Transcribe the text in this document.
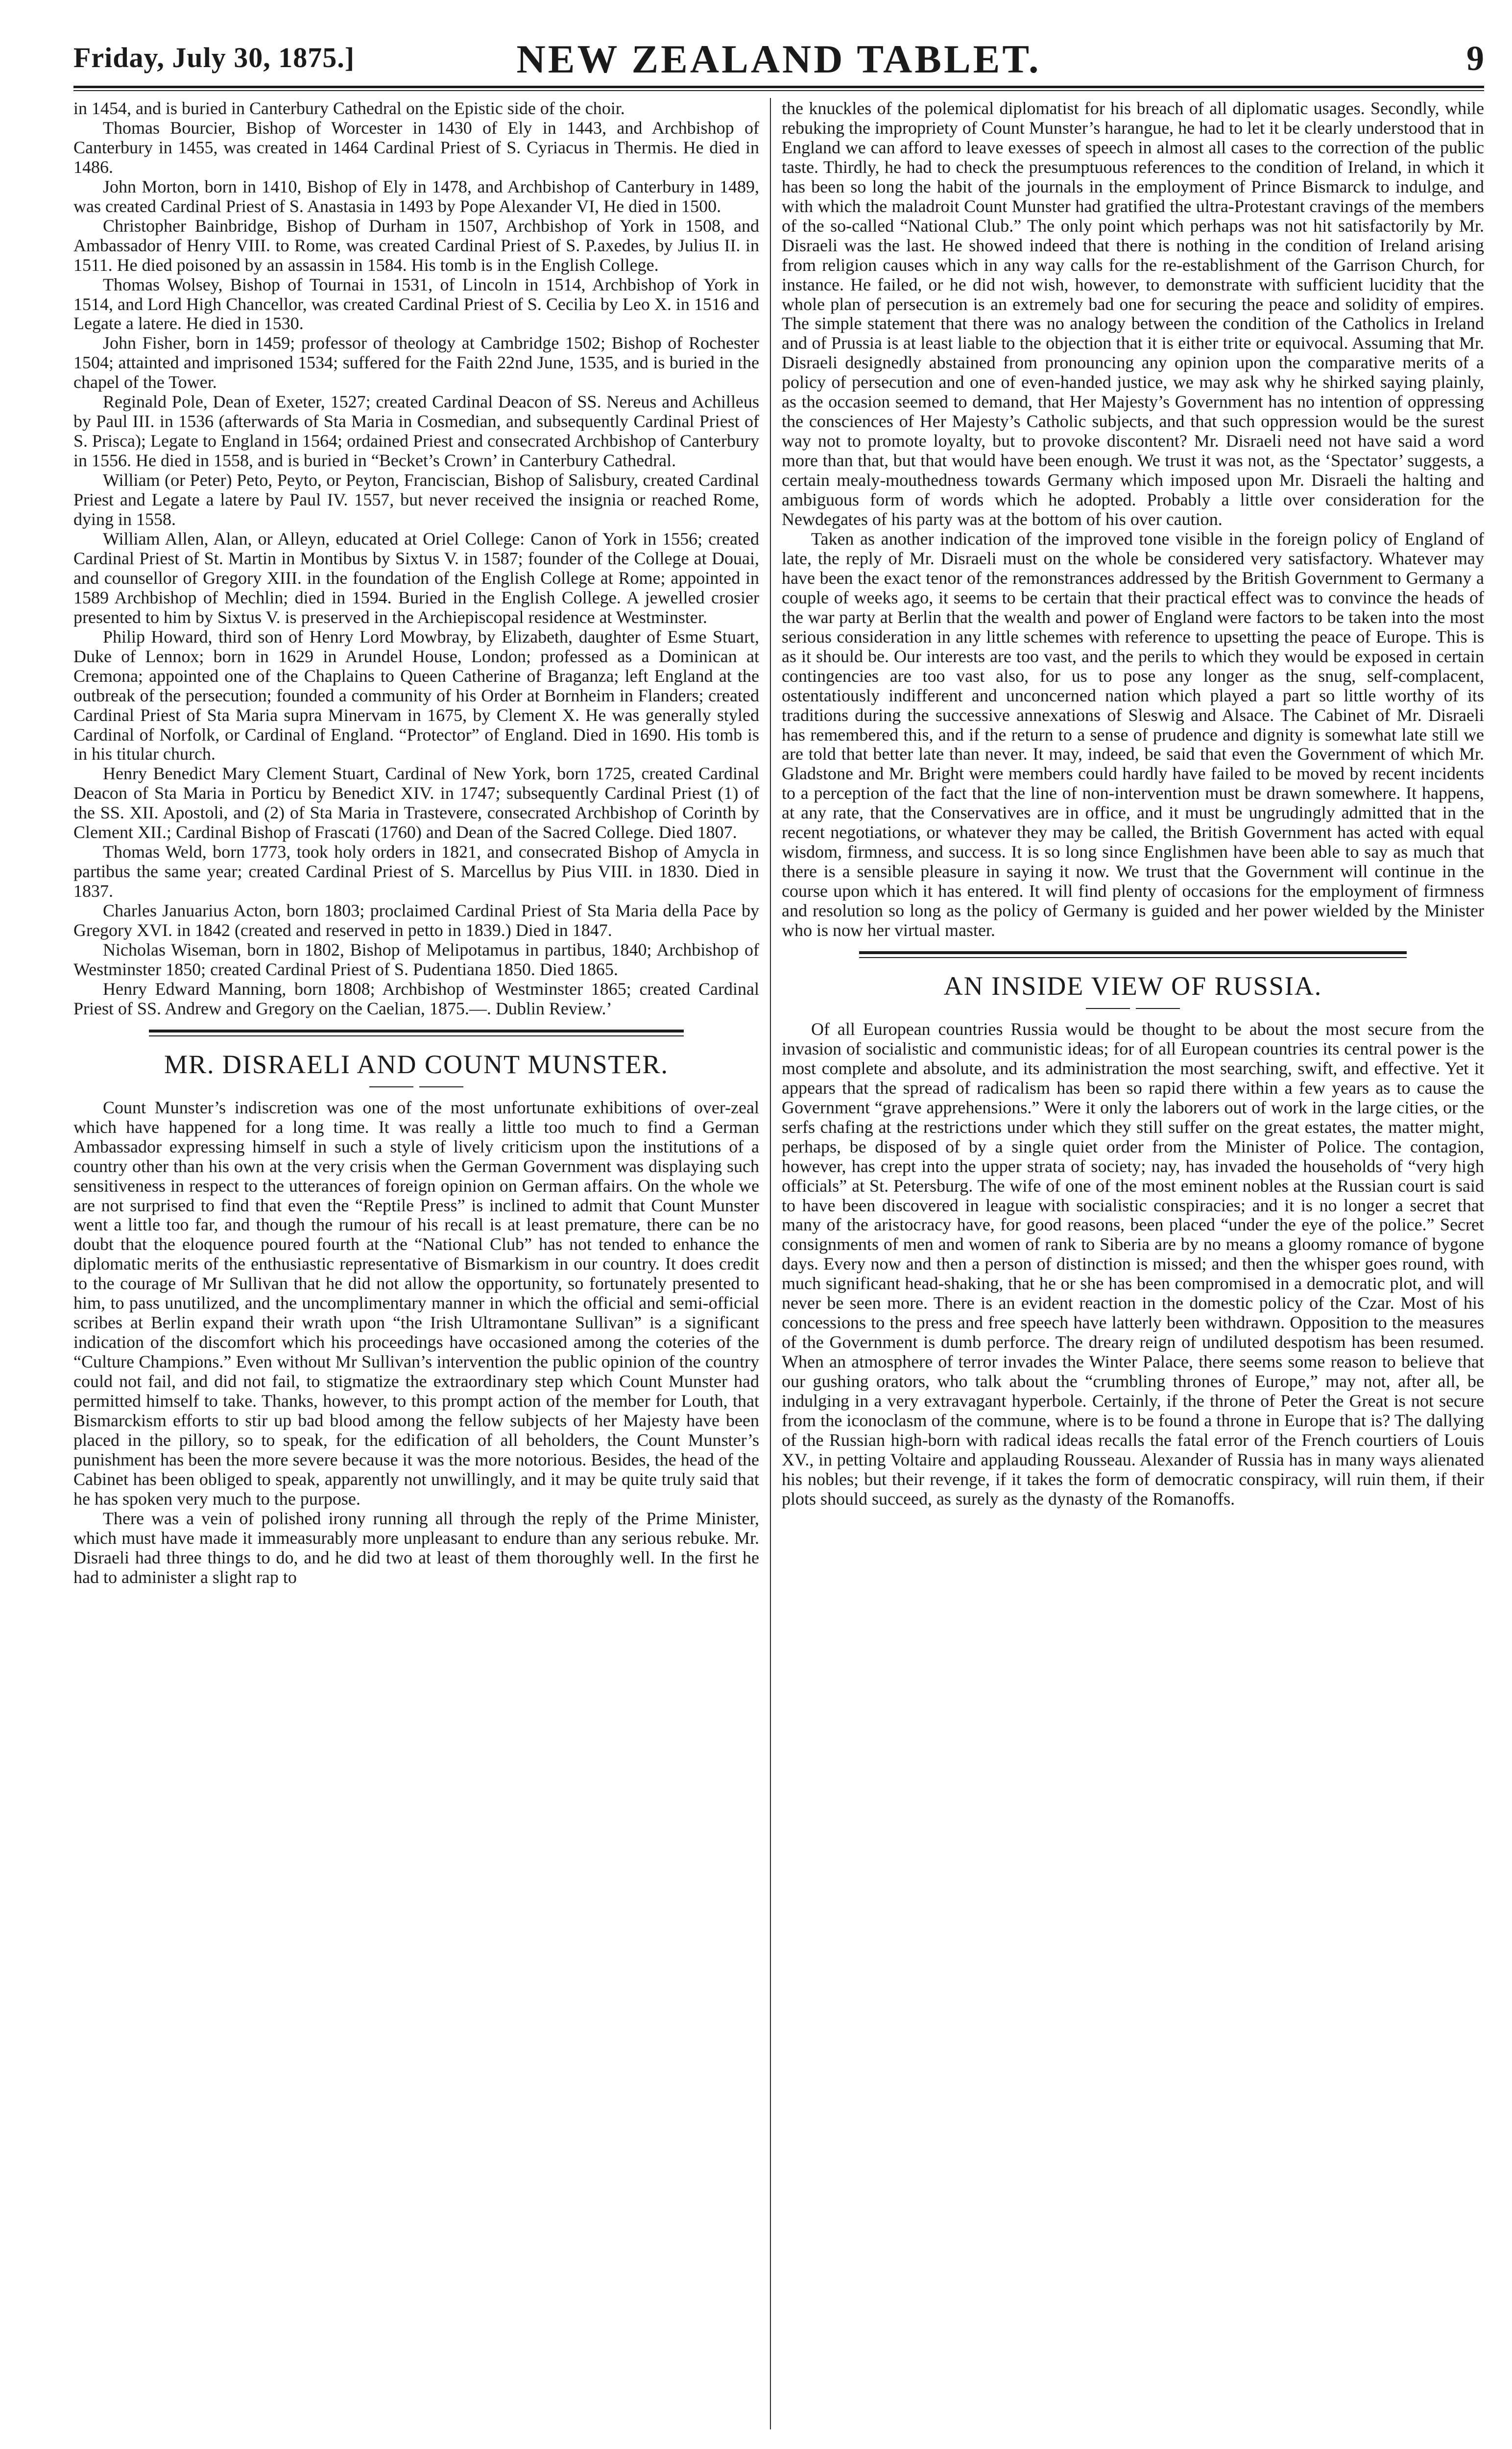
Friday, July 30, 1875.]	NEW ZEALAND TABLET.	9

in 1454, and is buried in Canterbury Cathedral on the Epistic side of the choir.

Thomas Bourcier, Bishop of Worcester in 1430 of Ely in 1443, and Archbishop of Canterbury in 1455, was created in 1464 Cardinal Priest of S. Cyriacus in Thermis. He died in 1486.

John Morton, born in 1410, Bishop of Ely in 1478, and Archbishop of Canterbury in 1489, was created Cardinal Priest of S. Anastasia in 1493 by Pope Alexander VI, He died in 1500.

Christopher Bainbridge, Bishop of Durham in 1507, Archbishop of York in 1508, and Ambassador of Henry VIII. to Rome, was created Cardinal Priest of S. P.axedes, by Julius II. in 1511. He died poisoned by an assassin in 1584. His tomb is in the English College.

Thomas Wolsey, Bishop of Tournai in 1531, of Lincoln in 1514, Archbishop of York in 1514, and Lord High Chancellor, was created Cardinal Priest of S. Cecilia by Leo X. in 1516 and Legate a latere. He died in 1530.

John Fisher, born in 1459; professor of theology at Cambridge 1502; Bishop of Rochester 1504; attainted and imprisoned 1534; suffered for the Faith 22nd June, 1535, and is buried in the chapel of the Tower.

Reginald Pole, Dean of Exeter, 1527; created Cardinal Deacon of SS. Nereus and Achilleus by Paul III. in 1536 (afterwards of Sta Maria in Cosmedian, and subsequently Cardinal Priest of S. Prisca); Legate to England in 1564; ordained Priest and consecrated Archbishop of Canterbury in 1556. He died in 1558, and is buried in “Becket’s Crown’ in Canterbury Cathedral.

William (or Peter) Peto, Peyto, or Peyton, Franciscian, Bishop of Salisbury, created Cardinal Priest and Legate a latere by Paul IV. 1557, but never received the insignia or reached Rome, dying in 1558.

William Allen, Alan, or Alleyn, educated at Oriel College: Canon of York in 1556; created Cardinal Priest of St. Martin in Montibus by Sixtus V. in 1587; founder of the College at Douai, and counsellor of Gregory XIII. in the foundation of the English College at Rome; appointed in 1589 Archbishop of Mechlin; died in 1594. Buried in the English College. A jewelled crosier presented to him by Sixtus V. is preserved in the Archiepiscopal residence at Westminster.

Philip Howard, third son of Henry Lord Mowbray, by Elizabeth, daughter of Esme Stuart, Duke of Lennox; born in 1629 in Arundel House, London; professed as a Dominican at Cremona; appointed one of the Chaplains to Queen Catherine of Braganza; left England at the outbreak of the persecution; founded a community of his Order at Bornheim in Flanders; created Cardinal Priest of Sta Maria supra Minervam in 1675, by Clement X. He was generally styled Cardinal of Norfolk, or Cardinal of England. “Protector” of England. Died in 1690. His tomb is in his titular church.

Henry Benedict Mary Clement Stuart, Cardinal of New York, born 1725, created Cardinal Deacon of Sta Maria in Porticu by Benedict XIV. in 1747; subsequently Cardinal Priest (1) of the SS. XII. Apostoli, and (2) of Sta Maria in Trastevere, consecrated Archbishop of Corinth by Clement XII.; Cardinal Bishop of Frascati (1760) and Dean of the Sacred College. Died 1807.

Thomas Weld, born 1773, took holy orders in 1821, and consecrated Bishop of Amycla in partibus the same year; created Cardinal Priest of S. Marcellus by Pius VIII. in 1830. Died in 1837.

Charles Januarius Acton, born 1803; proclaimed Cardinal Priest of Sta Maria della Pace by Gregory XVI. in 1842 (created and reserved in petto in 1839.) Died in 1847.

Nicholas Wiseman, born in 1802, Bishop of Melipotamus in partibus, 1840; Archbishop of Westminster 1850; created Cardinal Priest of S. Pudentiana 1850. Died 1865.

Henry Edward Manning, born 1808; Archbishop of Westminster 1865; created Cardinal Priest of SS. Andrew and Gregory on the Caelian, 1875.—. Dublin Review.’

MR. DISRAELI AND COUNT MUNSTER.

Count Munster’s indiscretion was one of the most unfortunate exhibitions of over-zeal which have happened for a long time. It was really a little too much to find a German Ambassador expressing himself in such a style of lively criticism upon the institutions of a country other than his own at the very crisis when the German Government was displaying such sensitiveness in respect to the utterances of foreign opinion on German affairs. On the whole we are not surprised to find that even the “Reptile Press” is inclined to admit that Count Munster went a little too far, and though the rumour of his recall is at least premature, there can be no doubt that the eloquence poured fourth at the “National Club” has not tended to enhance the diplomatic merits of the enthusiastic representative of Bismarkism in our country. It does credit to the courage of Mr Sullivan that he did not allow the opportunity, so fortunately presented to him, to pass unutilized, and the uncomplimentary manner in which the official and semi-official scribes at Berlin expand their wrath upon “the Irish Ultramontane Sullivan” is a significant indication of the discomfort which his proceedings have occasioned among the coteries of the “Culture Champions.” Even without Mr Sullivan’s intervention the public opinion of the country could not fail, and did not fail, to stigmatize the extraordinary step which Count Munster had permitted himself to take. Thanks, however, to this prompt action of the member for Louth, that Bismarckism efforts to stir up bad blood among the fellow subjects of her Majesty have been placed in the pillory, so to speak, for the edification of all beholders, the Count Munster’s punishment has been the more severe because it was the more notorious. Besides, the head of the Cabinet has been obliged to speak, apparently not unwillingly, and it may be quite truly said that he has spoken very much to the purpose.

There was a vein of polished irony running all through the reply of the Prime Minister, which must have made it immeasurably more unpleasant to endure than any serious rebuke. Mr. Disraeli had three things to do, and he did two at least of them thoroughly well. In the first he had to administer a slight rap to

the knuckles of the polemical diplomatist for his breach of all diplomatic usages. Secondly, while rebuking the impropriety of Count Munster’s harangue, he had to let it be clearly understood that in England we can afford to leave exesses of speech in almost all cases to the correction of the public taste. Thirdly, he had to check the presumptuous references to the condition of Ireland, in which it has been so long the habit of the journals in the employment of Prince Bismarck to indulge, and with which the maladroit Count Munster had gratified the ultra-Protestant cravings of the members of the so-called “National Club.” The only point which perhaps was not hit satisfactorily by Mr. Disraeli was the last. He showed indeed that there is nothing in the condition of Ireland arising from religion causes which in any way calls for the re-establishment of the Garrison Church, for instance. He failed, or he did not wish, however, to demonstrate with sufficient lucidity that the whole plan of persecution is an extremely bad one for securing the peace and solidity of empires. The simple statement that there was no analogy between the condition of the Catholics in Ireland and of Prussia is at least liable to the objection that it is either trite or equivocal. Assuming that Mr. Disraeli designedly abstained from pronouncing any opinion upon the comparative merits of a policy of persecution and one of even-handed justice, we may ask why he shirked saying plainly, as the occasion seemed to demand, that Her Majesty’s Government has no intention of oppressing the consciences of Her Majesty’s Catholic subjects, and that such oppression would be the surest way not to promote loyalty, but to provoke discontent? Mr. Disraeli need not have said a word more than that, but that would have been enough. We trust it was not, as the ‘Spectator’ suggests, a certain mealy-mouthedness towards Germany which imposed upon Mr. Disraeli the halting and ambiguous form of words which he adopted. Probably a little over consideration for the Newdegates of his party was at the bottom of his over caution.

Taken as another indication of the improved tone visible in the foreign policy of England of late, the reply of Mr. Disraeli must on the whole be considered very satisfactory. Whatever may have been the exact tenor of the remonstrances addressed by the British Government to Germany a couple of weeks ago, it seems to be certain that their practical effect was to convince the heads of the war party at Berlin that the wealth and power of England were factors to be taken into the most serious consideration in any little schemes with reference to upsetting the peace of Europe. This is as it should be. Our interests are too vast, and the perils to which they would be exposed in certain contingencies are too vast also, for us to pose any longer as the snug, self-complacent, ostentatiously indifferent and unconcerned nation which played a part so little worthy of its traditions during the successive annexations of Sleswig and Alsace. The Cabinet of Mr. Disraeli has remembered this, and if the return to a sense of prudence and dignity is somewhat late still we are told that better late than never. It may, indeed, be said that even the Government of which Mr. Gladstone and Mr. Bright were members could hardly have failed to be moved by recent incidents to a perception of the fact that the line of non-intervention must be drawn somewhere. It happens, at any rate, that the Conservatives are in office, and it must be ungrudingly admitted that in the recent negotiations, or whatever they may be called, the British Government has acted with equal wisdom, firmness, and success. It is so long since Englishmen have been able to say as much that there is a sensible pleasure in saying it now. We trust that the Government will continue in the course upon which it has entered. It will find plenty of occasions for the employment of firmness and resolution so long as the policy of Germany is guided and her power wielded by the Minister who is now her virtual master.

AN INSIDE VIEW OF RUSSIA.

Of all European countries Russia would be thought to be about the most secure from the invasion of socialistic and communistic ideas; for of all European countries its central power is the most complete and absolute, and its administration the most searching, swift, and effective. Yet it appears that the spread of radicalism has been so rapid there within a few years as to cause the Government “grave apprehensions.” Were it only the laborers out of work in the large cities, or the serfs chafing at the restrictions under which they still suffer on the great estates, the matter might, perhaps, be disposed of by a single quiet order from the Minister of Police. The contagion, however, has crept into the upper strata of society; nay, has invaded the households of “very high officials” at St. Petersburg. The wife of one of the most eminent nobles at the Russian court is said to have been discovered in league with socialistic conspiracies; and it is no longer a secret that many of the aristocracy have, for good reasons, been placed “under the eye of the police.” Secret consignments of men and women of rank to Siberia are by no means a gloomy romance of bygone days. Every now and then a person of distinction is missed; and then the whisper goes round, with much significant head-shaking, that he or she has been compromised in a democratic plot, and will never be seen more. There is an evident reaction in the domestic policy of the Czar. Most of his concessions to the press and free speech have latterly been withdrawn. Opposition to the measures of the Government is dumb perforce. The dreary reign of undiluted despotism has been resumed. When an atmosphere of terror invades the Winter Palace, there seems some reason to believe that our gushing orators, who talk about the “crumbling thrones of Europe,” may not, after all, be indulging in a very extravagant hyperbole. Certainly, if the throne of Peter the Great is not secure from the iconoclasm of the commune, where is to be found a throne in Europe that is? The dallying of the Russian high-born with radical ideas recalls the fatal error of the French courtiers of Louis XV., in petting Voltaire and applauding Rousseau. Alexander of Russia has in many ways alienated his nobles; but their revenge, if it takes the form of democratic conspiracy, will ruin them, if their plots should succeed, as surely as the dynasty of the Romanoffs.
